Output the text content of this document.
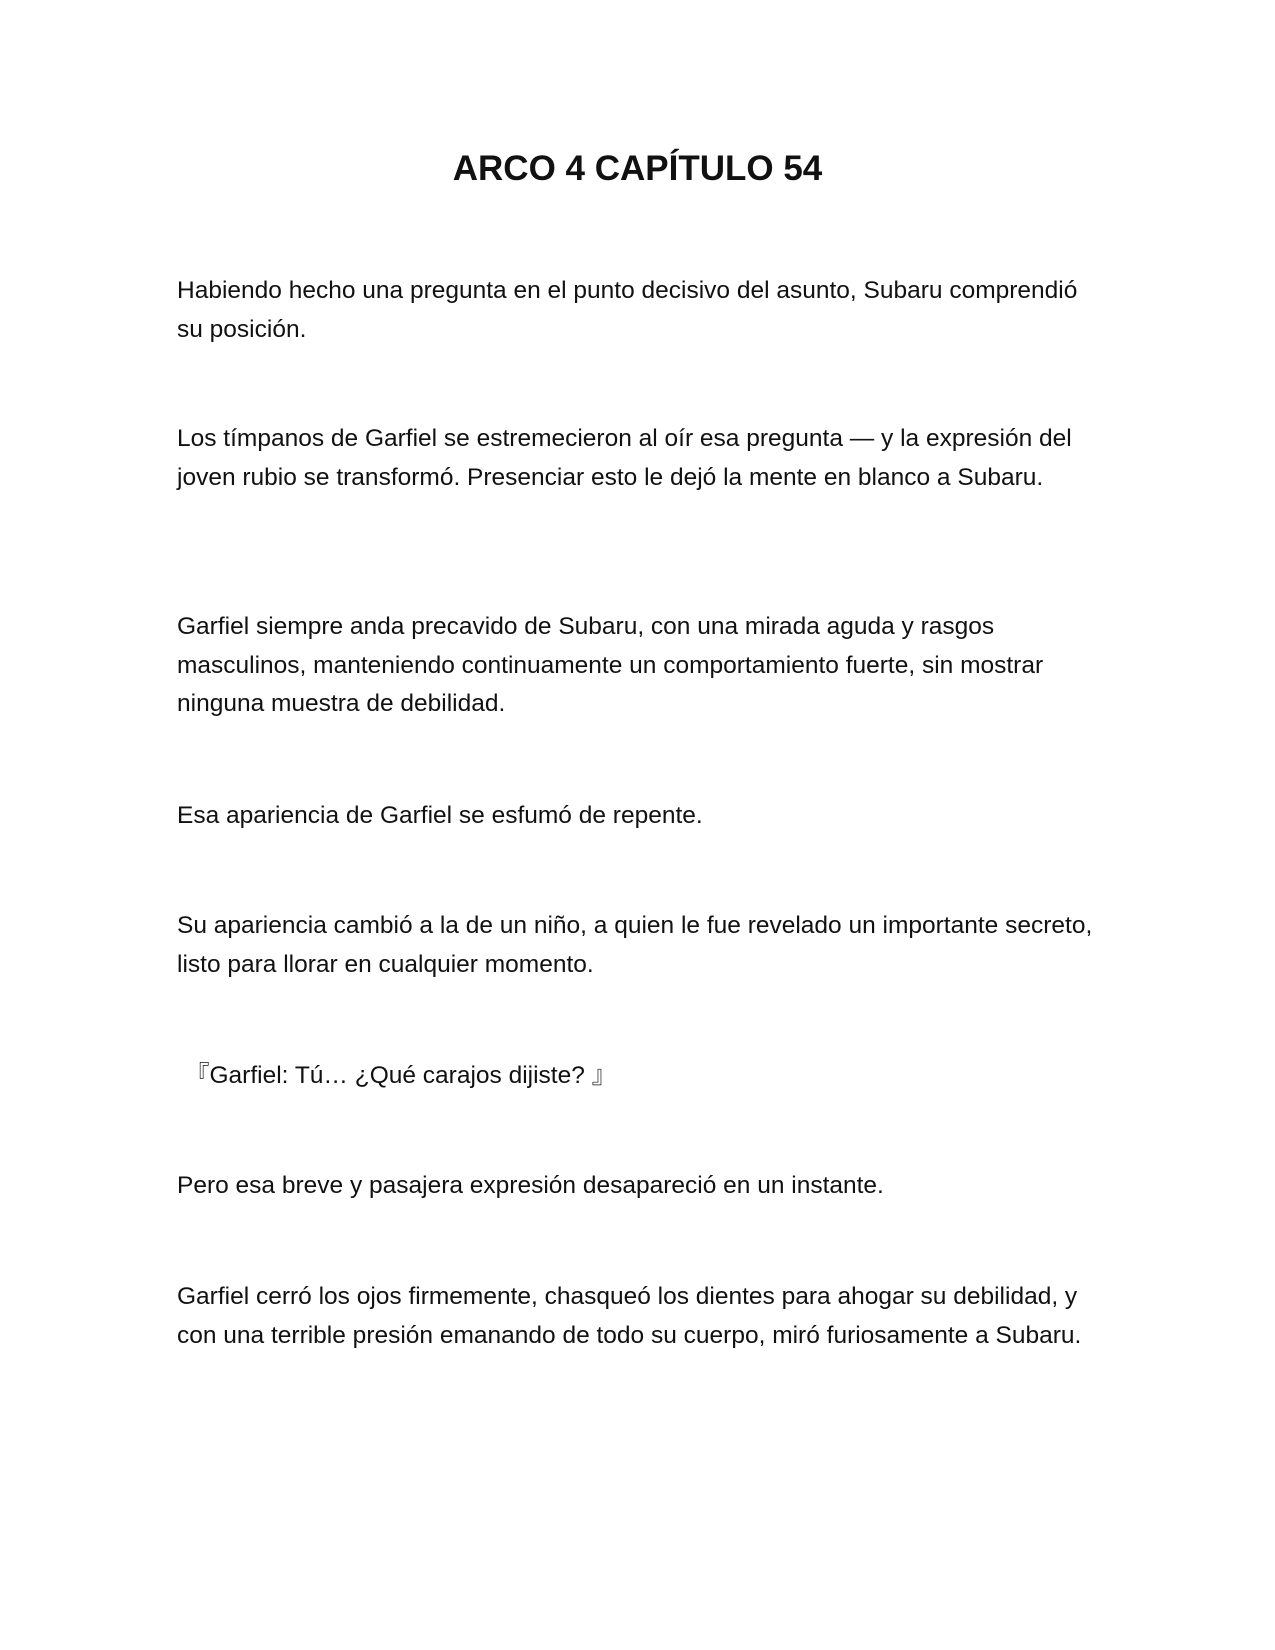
ARCO 4 CAPÍTULO 54

Habiendo hecho una pregunta en el punto decisivo del asunto, Subaru comprendió su posición.

Los tímpanos de Garfiel se estremecieron al oír esa pregunta — y la expresión del joven rubio se transformó. Presenciar esto le dejó la mente en blanco a Subaru.

Garfiel siempre anda precavido de Subaru, con una mirada aguda y rasgos masculinos, manteniendo continuamente un comportamiento fuerte, sin mostrar ninguna muestra de debilidad.

Esa apariencia de Garfiel se esfumó de repente.

Su apariencia cambió a la de un niño, a quien le fue revelado un importante secreto, listo para llorar en cualquier momento.

『Garfiel: Tú… ¿Qué carajos dijiste? 』

Pero esa breve y pasajera expresión desapareció en un instante.

Garfiel cerró los ojos firmemente, chasqueó los dientes para ahogar su debilidad, y con una terrible presión emanando de todo su cuerpo, miró furiosamente a Subaru.
